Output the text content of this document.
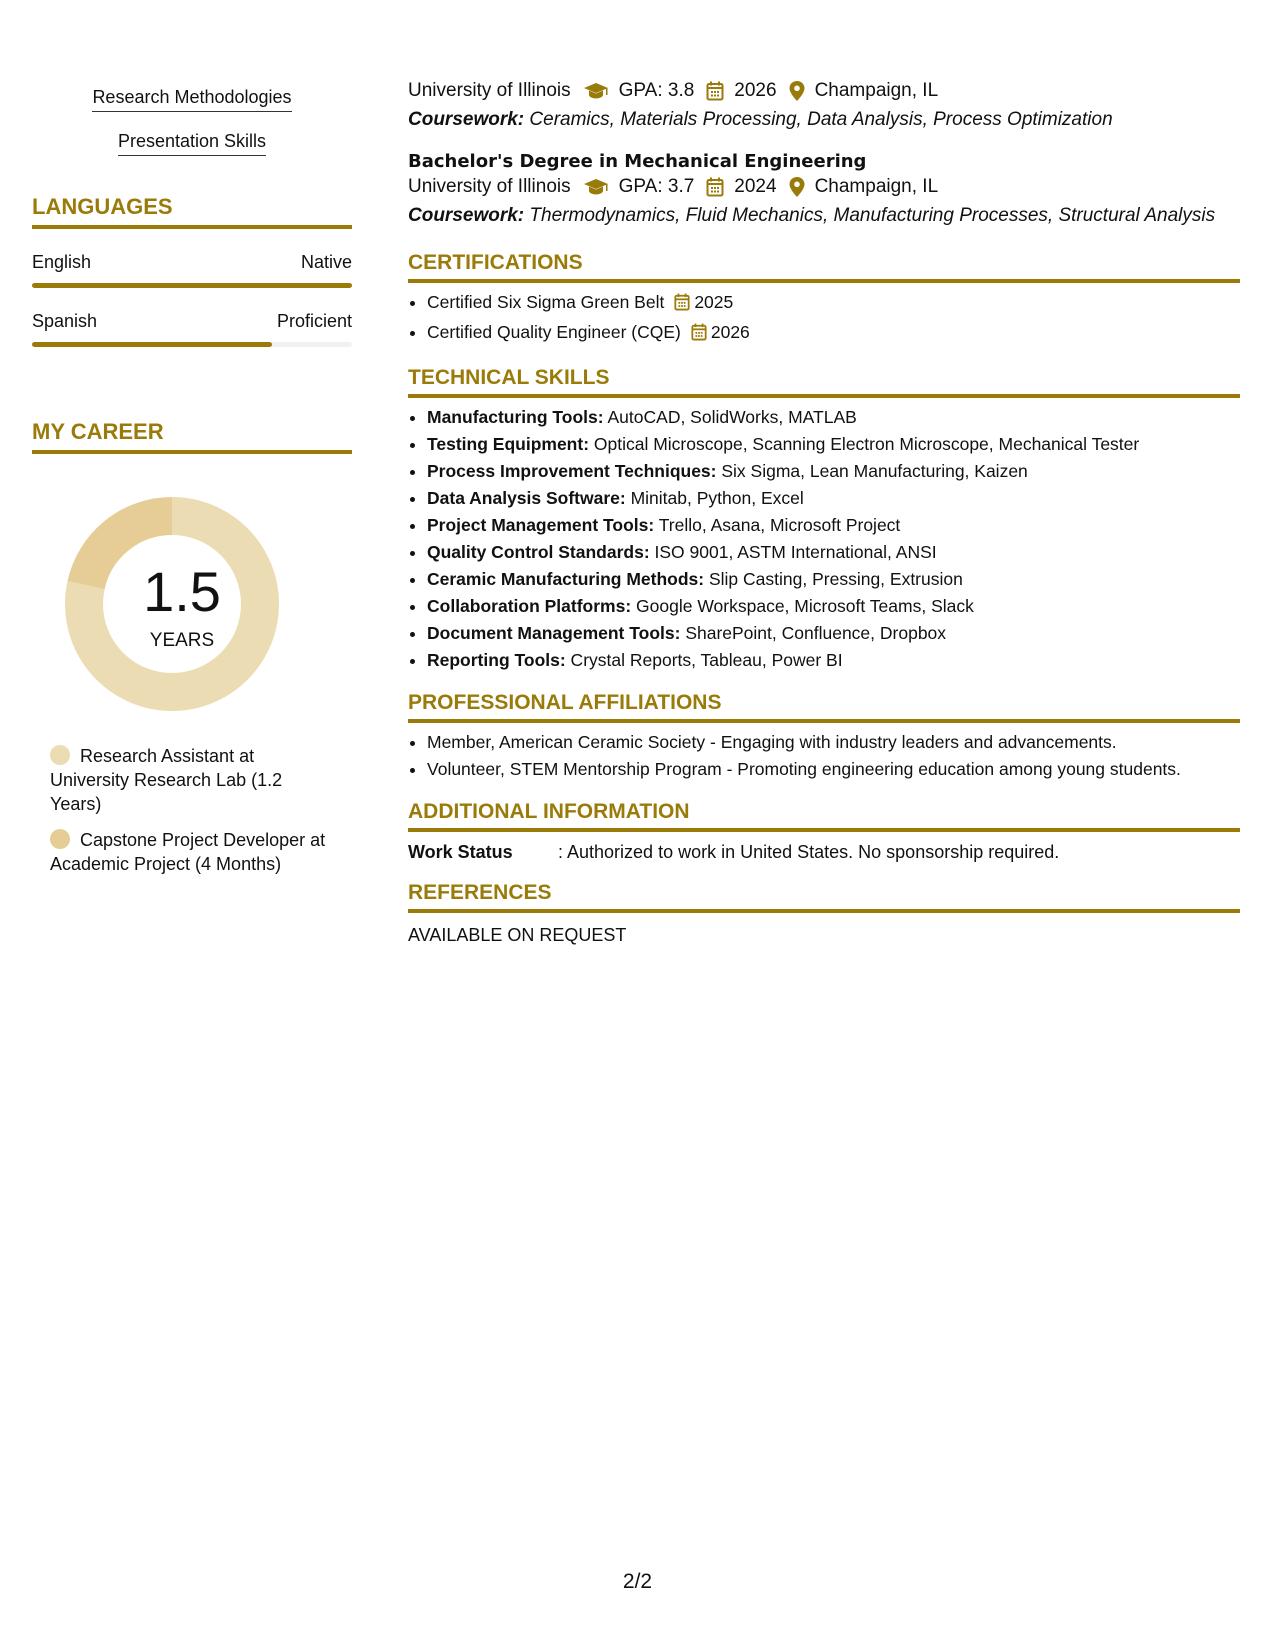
Research Methodologies
Presentation Skills
LANGUAGES
English	Native
Spanish	Proficient
MY CAREER
1.5
YEARS
Research Assistant at University Research Lab (1.2 Years)
Capstone Project Developer at Academic Project (4 Months)
University of Illinois	GPA: 3.8 2026 Champaign, IL
Coursework: Ceramics, Materials Processing, Data Analysis, Process Optimization
Bachelor's Degree in Mechanical Engineering
University of Illinois	GPA: 3.7 2024 Champaign, IL
Coursework: Thermodynamics, Fluid Mechanics, Manufacturing Processes, Structural Analysis
CERTIFICATIONS
• Certified Six Sigma Green Belt 2025
• Certified Quality Engineer (CQE) 2026
TECHNICAL SKILLS
• Manufacturing Tools: AutoCAD, SolidWorks, MATLAB
• Testing Equipment: Optical Microscope, Scanning Electron Microscope, Mechanical Tester
• Process Improvement Techniques: Six Sigma, Lean Manufacturing, Kaizen
• Data Analysis Software: Minitab, Python, Excel
• Project Management Tools: Trello, Asana, Microsoft Project
• Quality Control Standards: ISO 9001, ASTM International, ANSI
• Ceramic Manufacturing Methods: Slip Casting, Pressing, Extrusion
• Collaboration Platforms: Google Workspace, Microsoft Teams, Slack
• Document Management Tools: SharePoint, Confluence, Dropbox
• Reporting Tools: Crystal Reports, Tableau, Power BI
PROFESSIONAL AFFILIATIONS
• Member, American Ceramic Society - Engaging with industry leaders and advancements.
• Volunteer, STEM Mentorship Program - Promoting engineering education among young students.
ADDITIONAL INFORMATION
Work Status	: Authorized to work in United States. No sponsorship required.
REFERENCES
AVAILABLE ON REQUEST
2/2
